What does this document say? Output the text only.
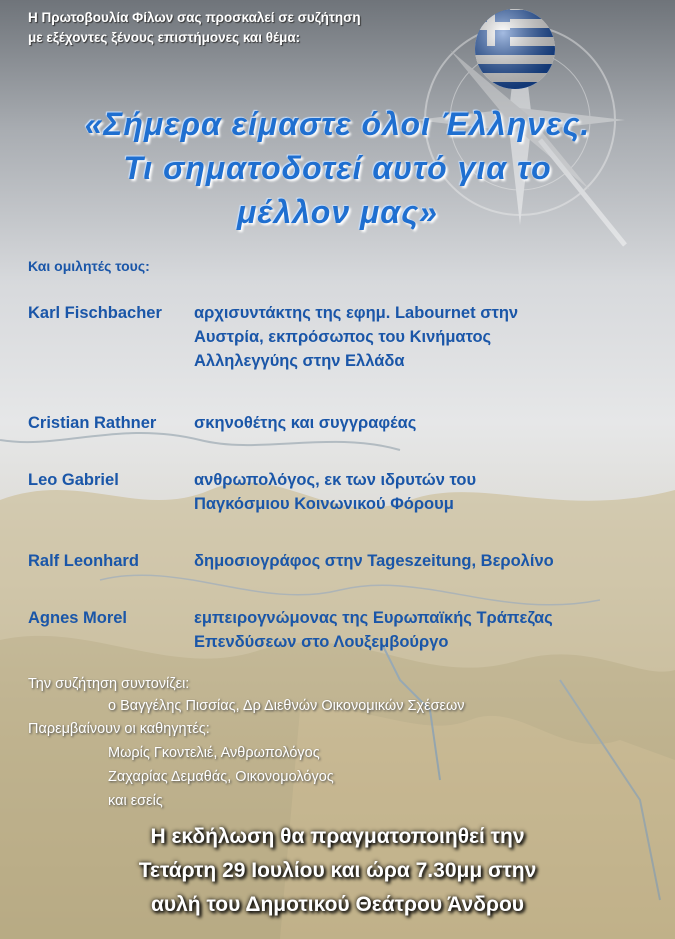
Η Πρωτοβουλία Φίλων σας προσκαλεί σε συζήτηση
με εξέχοντες ξένους επιστήμονες και θέμα:
«Σήμερα είμαστε όλοι Έλληνες.
Τι σηματοδοτεί αυτό για το
μέλλον μας»
Και ομιλητές τους:
Karl Fischbacher αρχισυντάκτης της εφημ. Labournet στην
Αυστρία, εκπρόσωπος του Κινήματος
Αλληλεγγύης στην Ελλάδα
Cristian Rathner σκηνοθέτης και συγγραφέας
Leo Gabriel	ανθρωπολόγος, εκ των ιδρυτών του
Παγκόσμιου Κοινωνικού Φόρουμ
Ralf Leonhard	δημοσιογράφος στην Tageszeitung, Βερολίνο
Agnes Morel	εμπειρογνώμονας της Ευρωπαϊκής Τράπεζας
Επενδύσεων στο Λουξεμβούργο
Την συζήτηση συντονίζει:
ο Βαγγέλης Πισσίας, Δρ Διεθνών Οικονομικών Σχέσεων
Παρεμβαίνουν οι καθηγητές:
Μωρίς Γκοντελιέ, Ανθρωπολόγος
Ζαχαρίας Δεμαθάς, Οικονομολόγος
και εσείς
Η εκδήλωση θα πραγματοποιηθεί την
Τετάρτη 29 Ιουλίου και ώρα 7.30μμ στην
αυλή του Δημοτικού Θεάτρου Άνδρου
